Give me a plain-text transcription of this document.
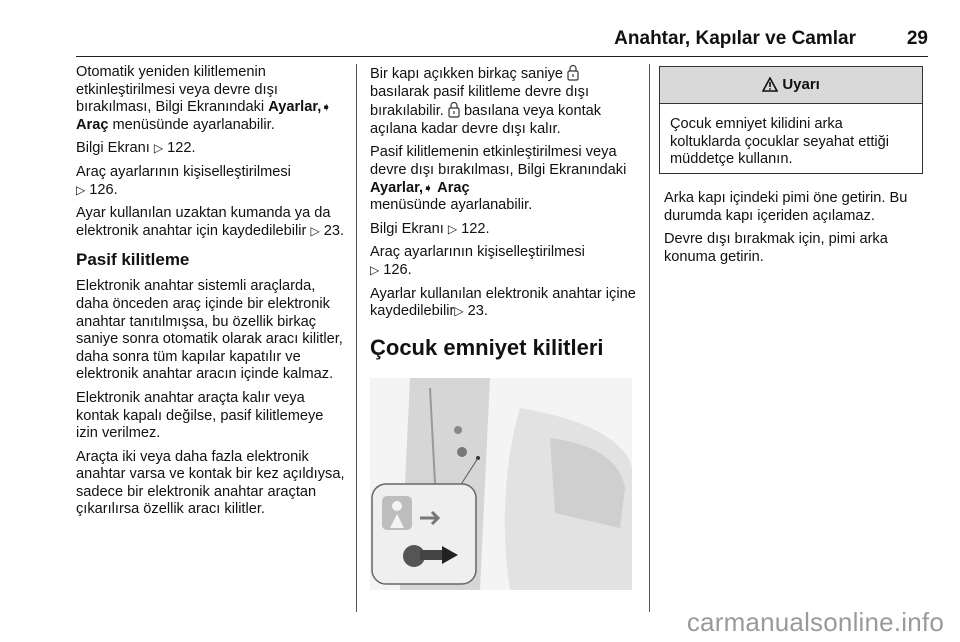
Anahtar, Kapılar ve Camlar	29

Otomatik yeniden kilitlemenin etkinleştirilmesi veya devre dışı bırakılması, Bilgi Ekranındaki Ayarlar,➧ Araç menüsünde ayarlanabilir.

Bilgi Ekranı ▷ 122.

Araç ayarlarının kişiselleştirilmesi
▷ 126.

Ayar kullanılan uzaktan kumanda ya da elektronik anahtar için kaydedilebilir ▷ 23.

Pasif kilitleme

Elektronik anahtar sistemli araçlarda, daha önceden araç içinde bir elektronik anahtar tanıtılmışsa, bu özellik birkaç saniye sonra otomatik olarak aracı kilitler, daha sonra tüm kapılar kapatılır ve elektronik anahtar aracın içinde kalmaz.

Elektronik anahtar araçta kalır veya kontak kapalı değilse, pasif kilitlemeye izin verilmez.

Araçta iki veya daha fazla elektronik anahtar varsa ve kontak bir kez açıldıysa, sadece bir elektronik anahtar araçtan çıkarılırsa özellik aracı kilitler.

Bir kapı açıkken birkaç saniye  basılarak pasif kilitleme devre dışı bırakılabilir. basılana veya kontak açılana kadar devre dışı kalır.

Pasif kilitlemenin etkinleştirilmesi veya devre dışı bırakılması, Bilgi Ekranındaki Ayarlar,➧ Araç
menüsünde ayarlanabilir.

Bilgi Ekranı ▷ 122.

Araç ayarlarının kişiselleştirilmesi
▷ 126.

Ayarlar kullanılan elektronik anahtar içine kaydedilebilir▷ 23.

Çocuk emniyet kilitleri
Uyarı
Çocuk emniyet kilidini arka koltuklarda çocuklar seyahat ettiği müddetçe kullanın.

Arka kapı içindeki pimi öne getirin. Bu durumda kapı içeriden açılamaz.

Devre dışı bırakmak için, pimi arka konuma getirin.

carmanualsonline.info
